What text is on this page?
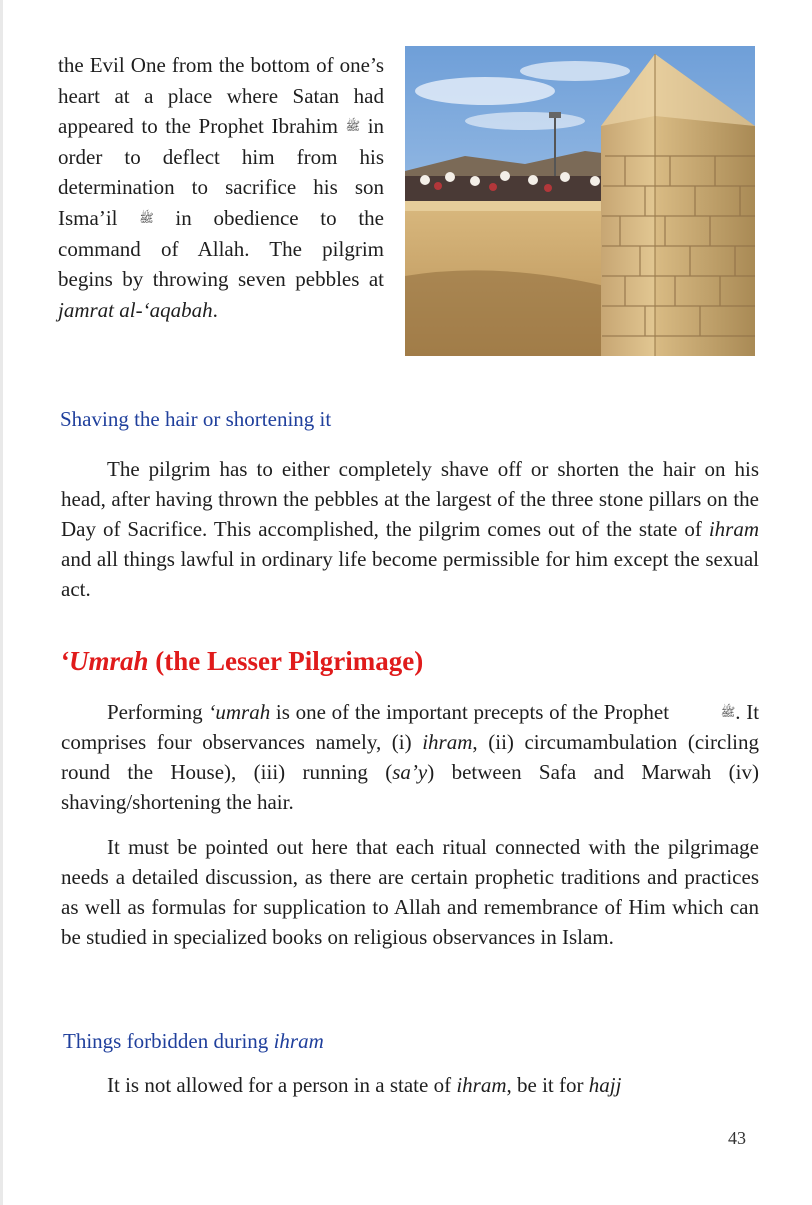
the Evil One from the bottom of one’s heart at a place where Satan had appeared to the Prophet Ibrahim ﷺ in order to deflect him from his determination to sacrifice his son Isma’il ﷺ in obedience to the command of Allah. The pilgrim begins by throwing seven pebbles at jamrat al-‘aqabah.

Shaving the hair or shortening it

The pilgrim has to either completely shave off or shorten the hair on his head, after having thrown the pebbles at the largest of the three stone pillars on the Day of Sacrifice. This accomplished, the pilgrim comes out of the state of ihram and all things lawful in ordinary life become permissible for him except the sexual act.

‘Umrah (the Lesser Pilgrimage)

Performing ‘umrah is one of the important precepts of the Prophet	ﷺ. It comprises four observances namely, (i) ihram, (ii) circumambulation (circling round the House), (iii) running (sa’y) between Safa and Marwah (iv) shaving/shortening the hair.

It must be pointed out here that each ritual connected with the pilgrimage needs a detailed discussion, as there are certain prophetic traditions and practices as well as formulas for supplication to Allah and remembrance of Him which can be studied in specialized books on religious observances in Islam.

Things forbidden during ihram

It is not allowed for a person in a state of ihram, be it for hajj

43
